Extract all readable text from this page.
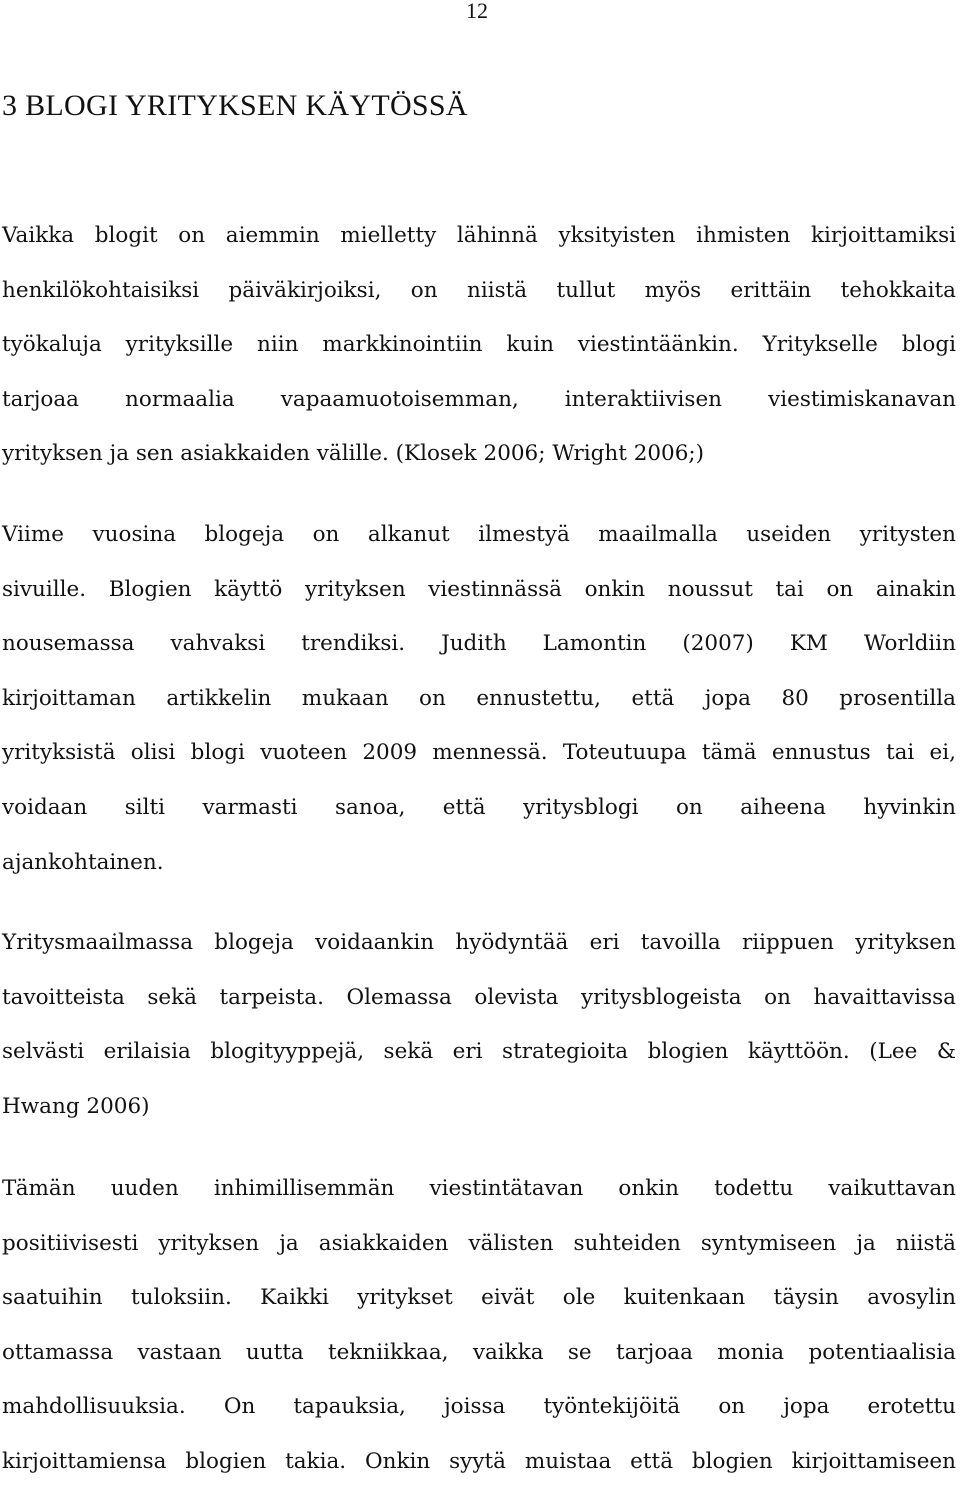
12
3 BLOGI YRITYKSEN KÄYTÖSSÄ
Vaikka blogit on aiemmin mielletty lähinnä yksityisten ihmisten kirjoittamiksi
henkilökohtaisiksi päiväkirjoiksi, on niistä tullut myös erittäin tehokkaita
työkaluja yrityksille niin markkinointiin kuin viestintäänkin. Yritykselle blogi
tarjoaa normaalia vapaamuotoisemman, interaktiivisen viestimiskanavan
yrityksen ja sen asiakkaiden välille. (Klosek 2006; Wright 2006;)
Viime vuosina blogeja on alkanut ilmestyä maailmalla useiden yritysten
sivuille. Blogien käyttö yrityksen viestinnässä onkin noussut tai on ainakin
nousemassa vahvaksi trendiksi. Judith Lamontin (2007) KM Worldiin
kirjoittaman artikkelin mukaan on ennustettu, että jopa 80 prosentilla
yrityksistä olisi blogi vuoteen 2009 mennessä. Toteutuupa tämä ennustus tai ei,
voidaan silti varmasti sanoa, että yritysblogi on aiheena hyvinkin
ajankohtainen.
Yritysmaailmassa blogeja voidaankin hyödyntää eri tavoilla riippuen yrityksen
tavoitteista sekä tarpeista. Olemassa olevista yritysblogeista on havaittavissa
selvästi erilaisia blogityyppejä, sekä eri strategioita blogien käyttöön. (Lee &
Hwang 2006)
Tämän uuden inhimillisemmän viestintätavan onkin todettu vaikuttavan
positiivisesti yrityksen ja asiakkaiden välisten suhteiden syntymiseen ja niistä
saatuihin tuloksiin. Kaikki yritykset eivät ole kuitenkaan täysin avosylin
ottamassa vastaan uutta tekniikkaa, vaikka se tarjoaa monia potentiaalisia
mahdollisuuksia. On tapauksia, joissa työntekijöitä on jopa erotettu
kirjoittamiensa blogien takia. Onkin syytä muistaa että blogien kirjoittamiseen
